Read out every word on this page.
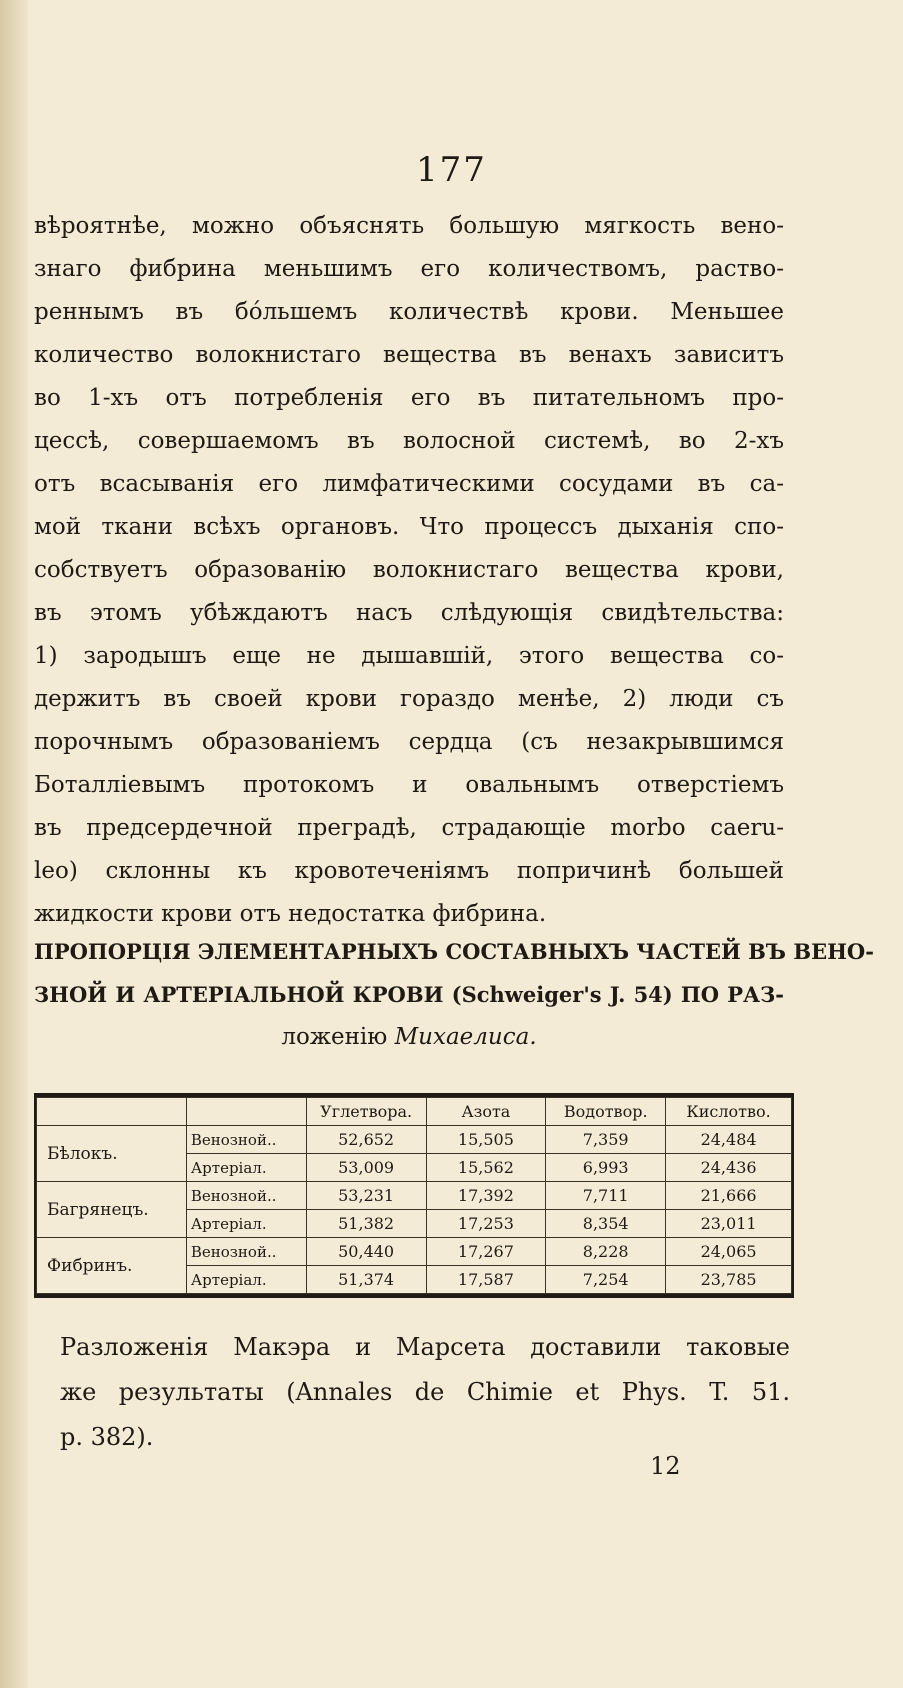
177
вѣроятнѣе, можно объяснять большую мягкость вено-
знаго фибрина меньшимъ его количествомъ, раство-
реннымъ въ бóльшемъ количествѣ крови. Меньшее
количество волокнистаго вещества въ венахъ зависитъ
во 1-хъ отъ потребленія его въ питательномъ про-
цессѣ, совершаемомъ въ волосной системѣ, во 2-хъ
отъ всасыванія его лимфатическими сосудами въ са-
мой ткани всѣхъ органовъ. Что процессъ дыханія спо-
собствуетъ образованію волокнистаго вещества крови,
въ этомъ убѣждаютъ насъ слѣдующія свидѣтельства:
1) зародышъ еще не дышавшій, этого вещества со-
держитъ въ своей крови гораздо менѣе, 2) люди съ
порочнымъ образованіемъ сердца (съ незакрывшимся
Боталліевымъ протокомъ и овальнымъ отверстіемъ
въ предсердечной преградѣ, страдающіе morbo caeru-
leo) склонны къ кровотеченіямъ попричинѣ большей
жидкости крови отъ недостатка фибрина.
ПРОПОРЦІЯ ЭЛЕМЕНТАРНЫХЪ СОСТАВНЫХЪ ЧАСТЕЙ ВЪ ВЕНО-
ЗНОЙ И АРТЕРІАЛЬНОЙ КРОВИ (Schweiger's J. 54) ПО РАЗ-
ложенію Михаелиса.
		Углетвора.	Азота	Водотвор.	Кислотво.
Бѣлокъ.	Венозной..	52,652	15,505	7,359	24,484
	Артеріал.	53,009	15,562	6,993	24,436
Багрянецъ.	Венозной..	53,231	17,392	7,711	21,666
	Артеріал.	51,382	17,253	8,354	23,011
Фибринъ.	Венозной..	50,440	17,267	8,228	24,065
	Артеріал.	51,374	17,587	7,254	23,785
Разложенія Макэра и Марсета доставили таковые
же результаты (Annales de Chimie et Phys. T. 51.
p. 382).
12
